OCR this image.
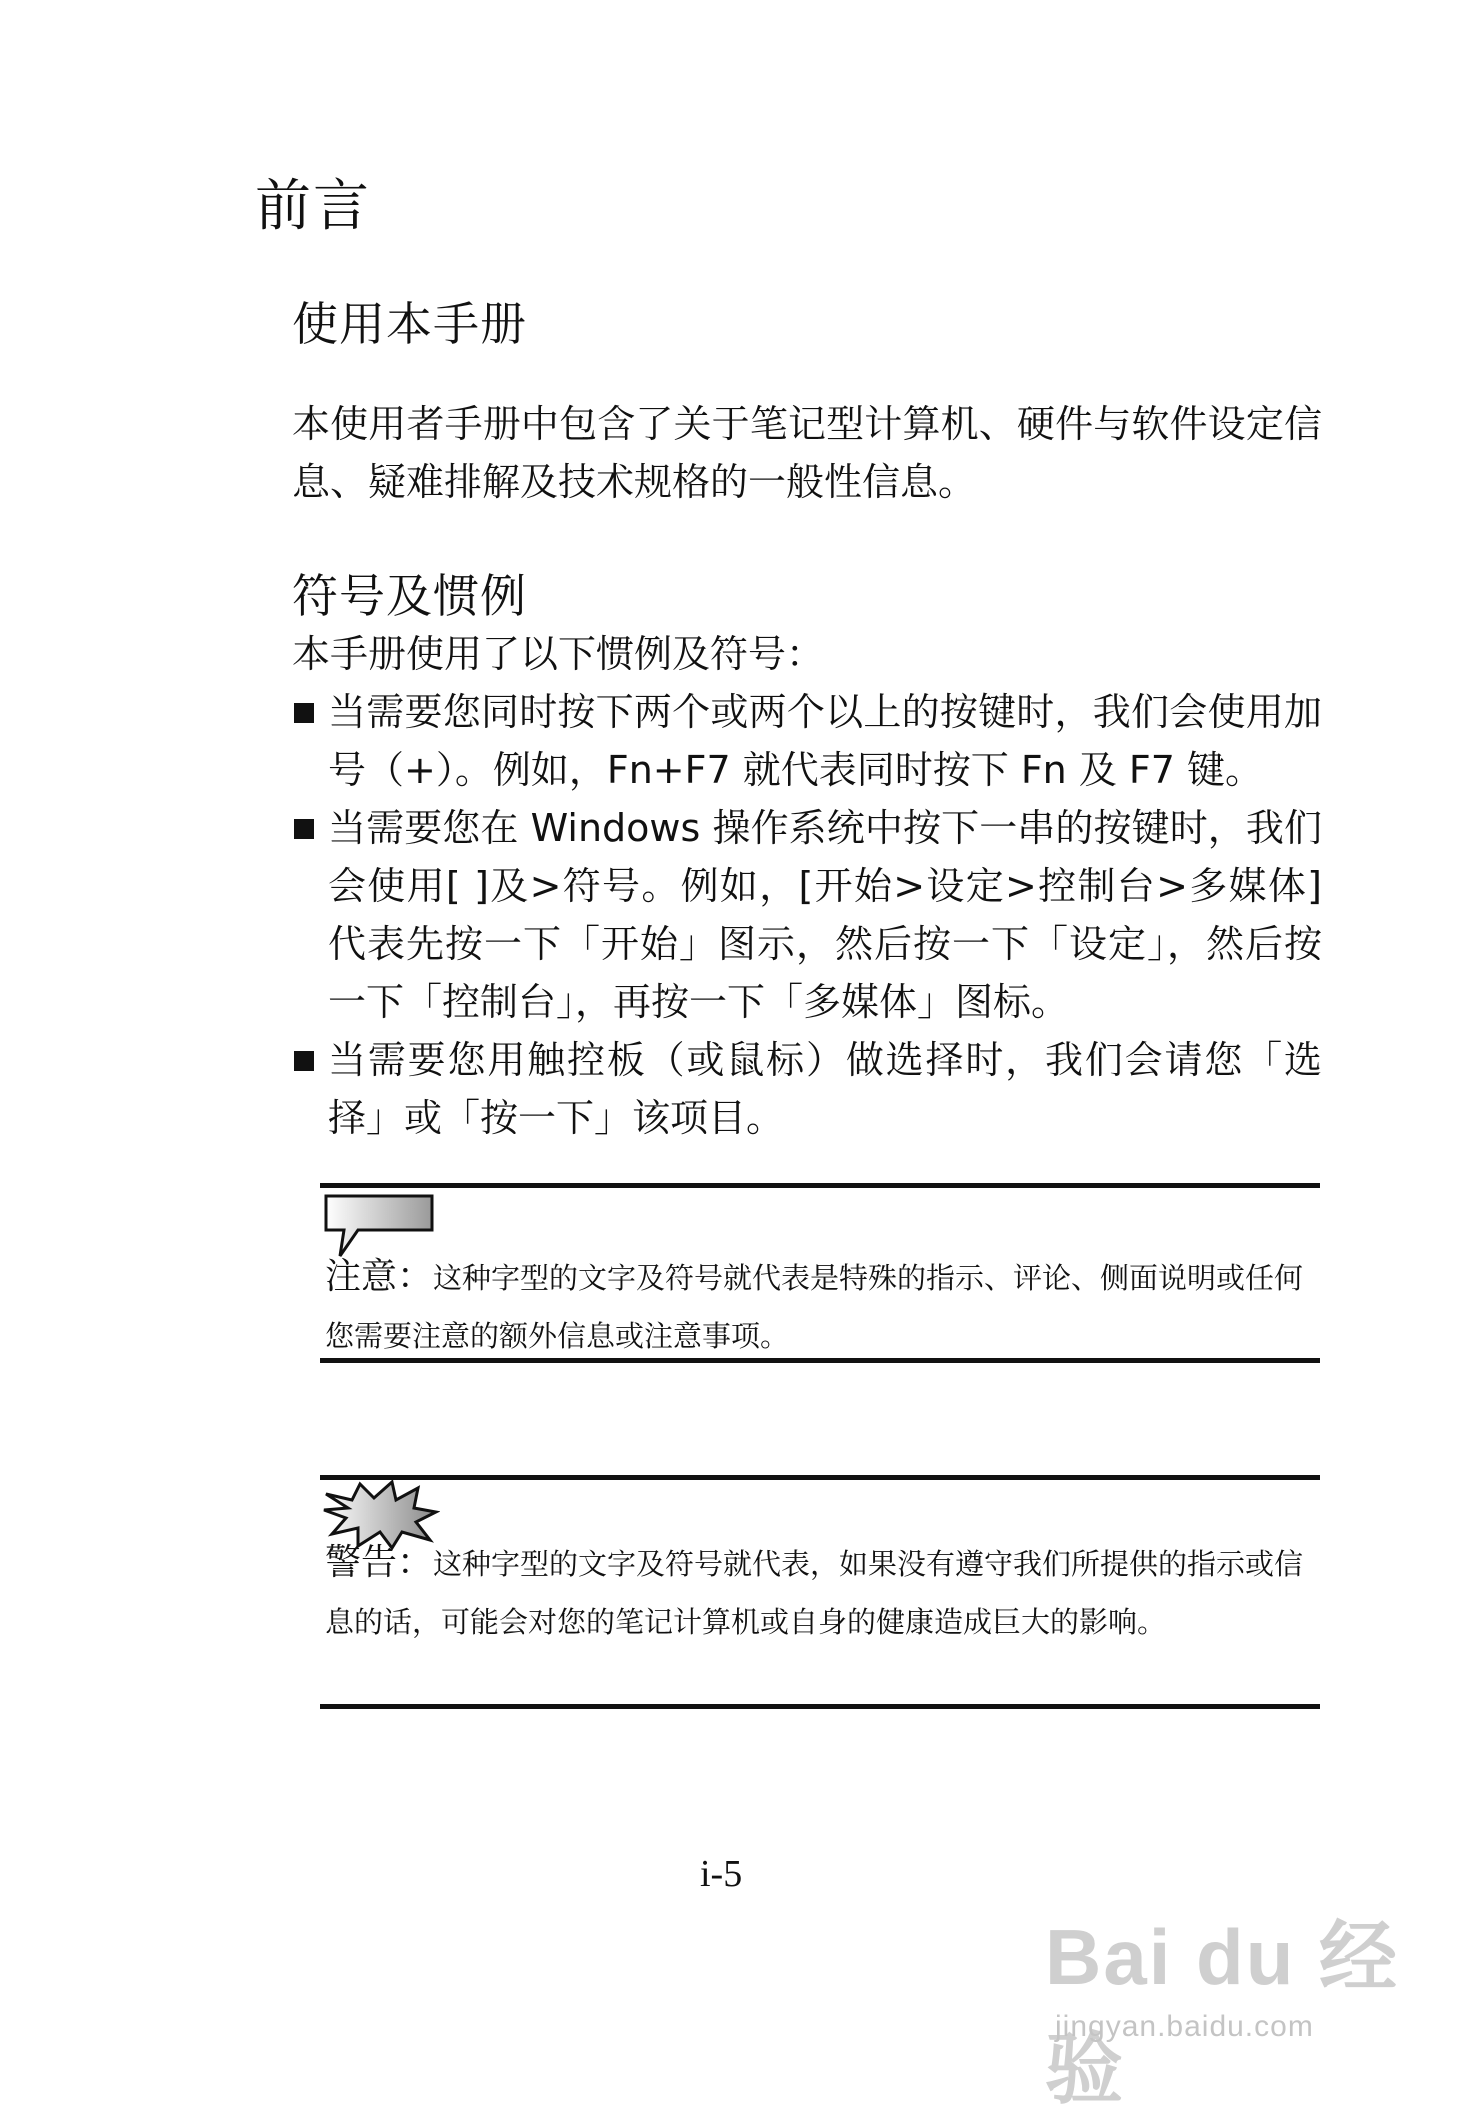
前言
使用本手册
本使用者手册中包含了关于笔记型计算机、硬件与软件设定信息、疑难排解及技术规格的一般性信息。
符号及惯例
本手册使用了以下惯例及符号：

当需要您同时按下两个或两个以上的按键时，我们会使用加号（+）。例如，Fn+F7 就代表同时按下 Fn 及 F7 键。

当需要您在 Windows 操作系统中按下一串的按键时，我们会使用[ ]及>符号。例如，[开始>设定>控制台>多媒体]代表先按一下「开始」图示，然后按一下「设定」，然后按一下「控制台」，再按一下「多媒体」图标。

当需要您用触控板（或鼠标）做选择时，我们会请您「选择」或「按一下」该项目。

注意：这种字型的文字及符号就代表是特殊的指示、评论、侧面说明或任何您需要注意的额外信息或注意事项。
警告：这种字型的文字及符号就代表，如果没有遵守我们所提供的指示或信息的话，可能会对您的笔记计算机或自身的健康造成巨大的影响。
i-5
Bai du 经验
jingyan.baidu.com
